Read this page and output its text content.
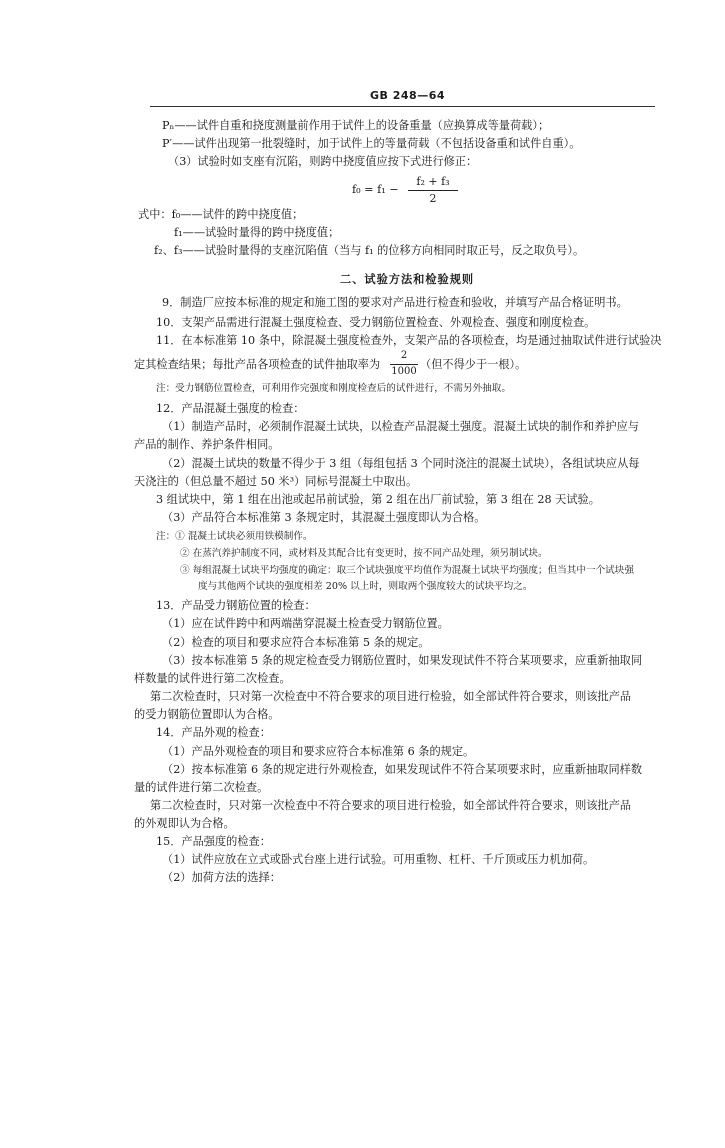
GB 248—64
Pₙ——试件自重和挠度测量前作用于试件上的设备重量（应换算成等量荷载）；
P′——试件出现第一批裂缝时，加于试件上的等量荷载（不包括设备重和试件自重）。
（3）试验时如支座有沉陷，则跨中挠度值应按下式进行修正：
f₀ = f₁ −
f₂ + f₃
2
式中：f₀——试件的跨中挠度值；
f₁——试验时量得的跨中挠度值；
f₂、f₃——试验时量得的支座沉陷值（当与 f₁ 的位移方向相同时取正号，反之取负号）。
二、试验方法和检验规则
9．制造厂应按本标准的规定和施工图的要求对产品进行检查和验收，并填写产品合格证明书。
10．支架产品需进行混凝土强度检查、受力钢筋位置检查、外观检查、强度和刚度检查。
11．在本标准第 10 条中，除混凝土强度检查外，支架产品的各项检查，均是通过抽取试件进行试验决
定其检查结果；每批产品各项检查的试件抽取率为
2
1000
（但不得少于一根）。
注：受力钢筋位置检查，可利用作完强度和刚度检查后的试件进行，不需另外抽取。
12．产品混凝土强度的检查：
（1）制造产品时，必须制作混凝土试块，以检查产品混凝土强度。混凝土试块的制作和养护应与
产品的制作、养护条件相同。
（2）混凝土试块的数量不得少于 3 组（每组包括 3 个同时浇注的混凝土试块），各组试块应从每
天浇注的（但总量不超过 50 米³）同标号混凝土中取出。
3 组试块中，第 1 组在出池或起吊前试验，第 2 组在出厂前试验，第 3 组在 28 天试验。
（3）产品符合本标准第 3 条规定时，其混凝土强度即认为合格。
注：① 混凝土试块必须用铁模制作。
② 在蒸汽养护制度不同，或材料及其配合比有变更时，按不同产品处理，须另制试块。
③ 每组混凝土试块平均强度的确定：取三个试块强度平均值作为混凝土试块平均强度；但当其中一个试块强
度与其他两个试块的强度相差 20% 以上时，则取两个强度较大的试块平均之。
13．产品受力钢筋位置的检查：
（1）应在试件跨中和两端凿穿混凝土检查受力钢筋位置。
（2）检查的项目和要求应符合本标准第 5 条的规定。
（3）按本标准第 5 条的规定检查受力钢筋位置时，如果发现试件不符合某项要求，应重新抽取同
样数量的试件进行第二次检查。
第二次检查时，只对第一次检查中不符合要求的项目进行检验，如全部试件符合要求，则该批产品
的受力钢筋位置即认为合格。
14．产品外观的检查：
（1）产品外观检查的项目和要求应符合本标准第 6 条的规定。
（2）按本标准第 6 条的规定进行外观检查，如果发现试件不符合某项要求时，应重新抽取同样数
量的试件进行第二次检查。
第二次检查时，只对第一次检查中不符合要求的项目进行检验，如全部试件符合要求，则该批产品
的外观即认为合格。
15．产品强度的检查：
（1）试件应放在立式或卧式台座上进行试验。可用重物、杠杆、千斤顶或压力机加荷。
（2）加荷方法的选择：
